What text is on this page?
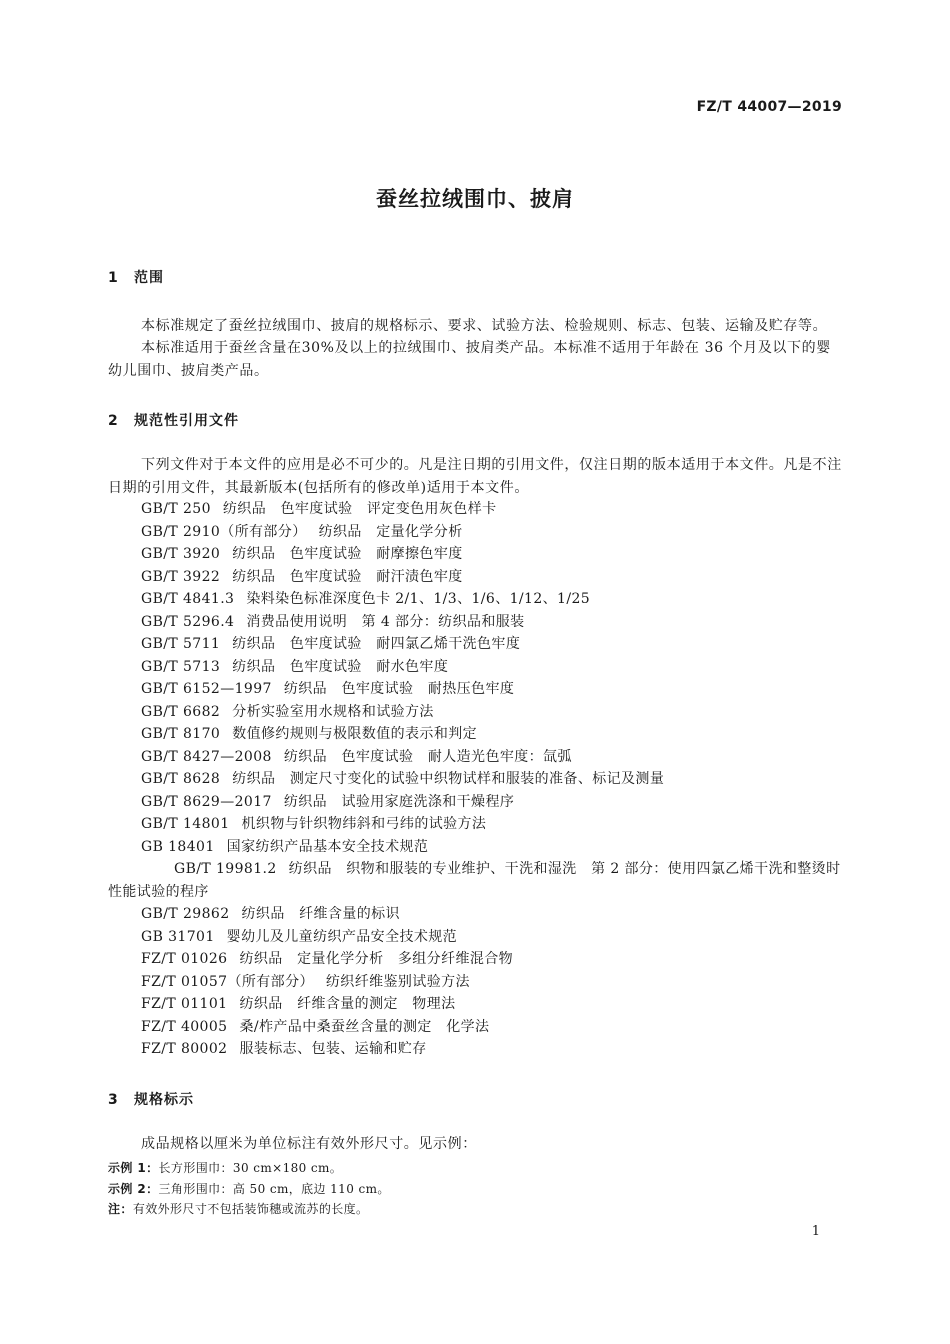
FZ/T 44007—2019
蚕丝拉绒围巾、披肩
1 范围
本标准规定了蚕丝拉绒围巾、披肩的规格标示、要求、试验方法、检验规则、标志、包装、运输及贮存等。
本标准适用于蚕丝含量在30%及以上的拉绒围巾、披肩类产品。本标准不适用于年龄在 36 个月及以下的婴幼儿围巾、披肩类产品。
2 规范性引用文件
下列文件对于本文件的应用是必不可少的。凡是注日期的引用文件，仅注日期的版本适用于本文件。凡是不注日期的引用文件，其最新版本(包括所有的修改单)适用于本文件。
GB/T 250 纺织品　色牢度试验　评定变色用灰色样卡
GB/T 2910（所有部分） 纺织品　定量化学分析
GB/T 3920 纺织品　色牢度试验　耐摩擦色牢度
GB/T 3922 纺织品　色牢度试验　耐汗渍色牢度
GB/T 4841.3 染料染色标准深度色卡 2/1、1/3、1/6、1/12、1/25
GB/T 5296.4 消费品使用说明　第 4 部分：纺织品和服装
GB/T 5711 纺织品　色牢度试验　耐四氯乙烯干洗色牢度
GB/T 5713 纺织品　色牢度试验　耐水色牢度
GB/T 6152—1997 纺织品　色牢度试验　耐热压色牢度
GB/T 6682 分析实验室用水规格和试验方法
GB/T 8170 数值修约规则与极限数值的表示和判定
GB/T 8427—2008 纺织品　色牢度试验　耐人造光色牢度：氙弧
GB/T 8628 纺织品　测定尺寸变化的试验中织物试样和服装的准备、标记及测量
GB/T 8629—2017 纺织品　试验用家庭洗涤和干燥程序
GB/T 14801 机织物与针织物纬斜和弓纬的试验方法
GB 18401 国家纺织产品基本安全技术规范
GB/T 19981.2 纺织品　织物和服装的专业维护、干洗和湿洗　第 2 部分：使用四氯乙烯干洗和整烫时性能试验的程序
GB/T 29862 纺织品　纤维含量的标识
GB 31701 婴幼儿及儿童纺织产品安全技术规范
FZ/T 01026 纺织品　定量化学分析　多组分纤维混合物
FZ/T 01057（所有部分） 纺织纤维鉴别试验方法
FZ/T 01101 纺织品　纤维含量的测定　物理法
FZ/T 40005 桑/柞产品中桑蚕丝含量的测定　化学法
FZ/T 80002 服装标志、包装、运输和贮存
3 规格标示
成品规格以厘米为单位标注有效外形尺寸。见示例：
示例 1：长方形围巾：30 cm×180 cm。
示例 2：三角形围巾：高 50 cm，底边 110 cm。
注：有效外形尺寸不包括装饰穗或流苏的长度。
1
